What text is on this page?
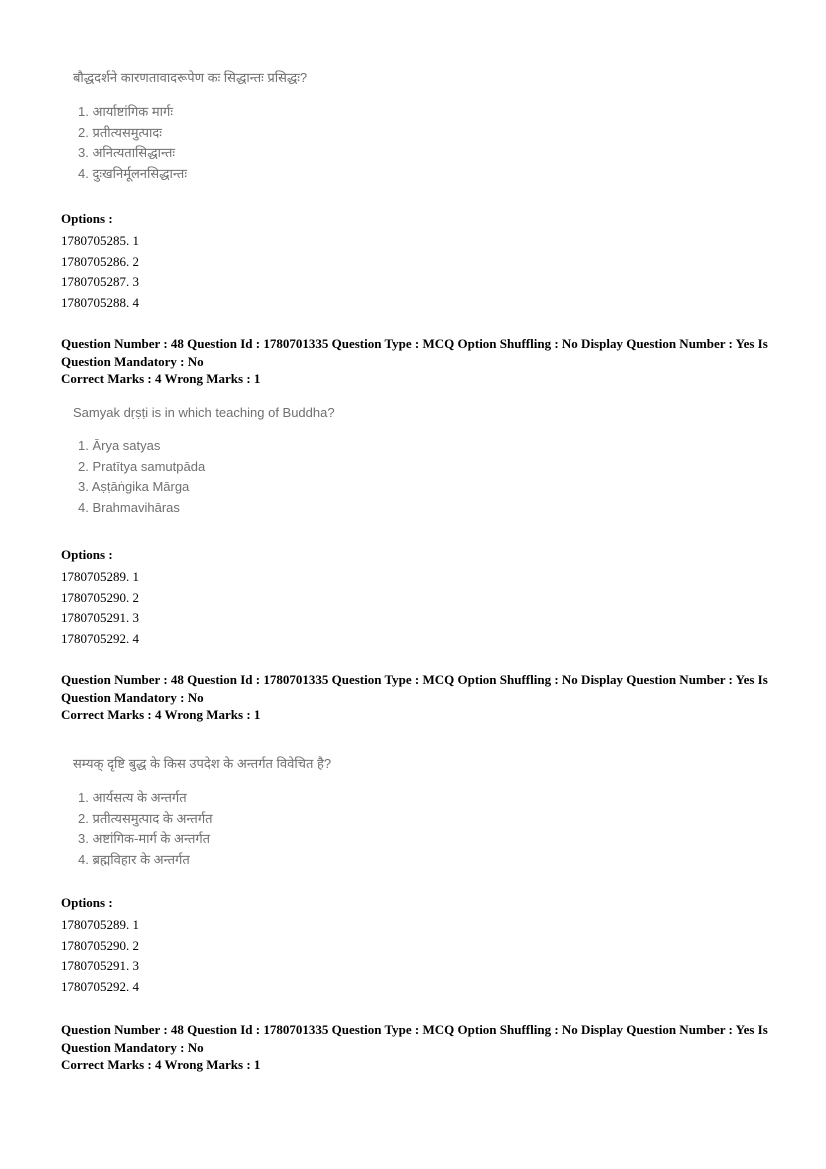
बौद्धदर्शने कारणतावादरूपेण कः सिद्धान्तः प्रसिद्धः?
1. आर्याष्टांगिक मार्गः
2. प्रतीत्यसमुत्पादः
3. अनित्यतासिद्धान्तः
4. दुःखनिर्मूलनसिद्धान्तः
Options :
1780705285. 1
1780705286. 2
1780705287. 3
1780705288. 4

Question Number : 48 Question Id : 1780701335 Question Type : MCQ Option Shuffling : No Display Question Number : Yes Is Question Mandatory : No

Correct Marks : 4 Wrong Marks : 1

Samyak dṛṣṭi is in which teaching of Buddha?
1. Ārya satyas
2. Pratītya samutpāda
3. Aṣṭāṅgika Mārga
4. Brahmavihāras
Options :
1780705289. 1
1780705290. 2
1780705291. 3
1780705292. 4

Question Number : 48 Question Id : 1780701335 Question Type : MCQ Option Shuffling : No Display Question Number : Yes Is Question Mandatory : No

Correct Marks : 4 Wrong Marks : 1

सम्यक् दृष्टि बुद्ध के किस उपदेश के अन्तर्गत विवेचित है?
1. आर्यसत्य के अन्तर्गत
2. प्रतीत्यसमुत्पाद के अन्तर्गत
3. अष्टांगिक-मार्ग के अन्तर्गत
4. ब्रह्मविहार के अन्तर्गत
Options :
1780705289. 1
1780705290. 2
1780705291. 3
1780705292. 4

Question Number : 48 Question Id : 1780701335 Question Type : MCQ Option Shuffling : No Display Question Number : Yes Is Question Mandatory : No

Correct Marks : 4 Wrong Marks : 1
